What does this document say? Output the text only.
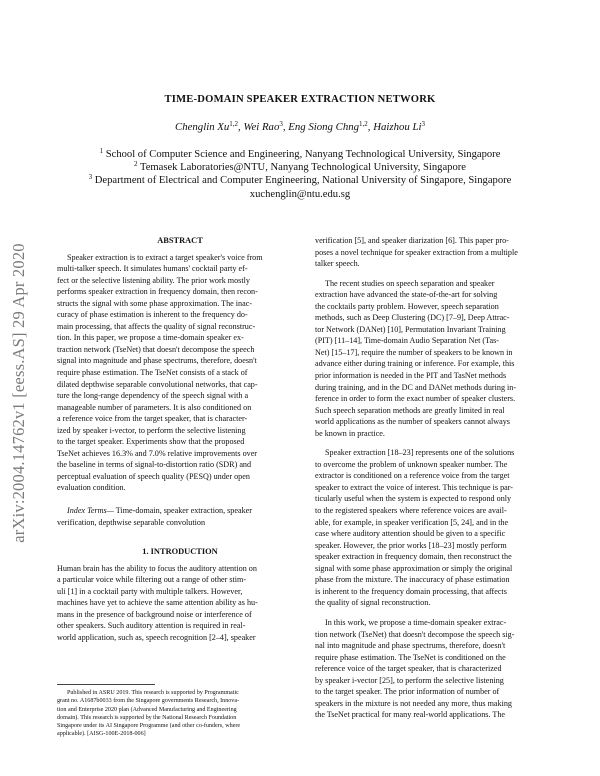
arXiv:2004.14762v1 [eess.AS] 29 Apr 2020
TIME-DOMAIN SPEAKER EXTRACTION NETWORK
Chenglin Xu$^{1,2}$, Wei Rao$^3$, Eng Siong Chng$^{1,2}$, Haizhou Li$^3$
$^1$ School of Computer Science and Engineering, Nanyang Technological University, Singapore
$^2$ Temasek Laboratories@NTU, Nanyang Technological University, Singapore
$^3$ Department of Electrical and Computer Engineering, National University of Singapore, Singapore
xuchenglin@ntu.edu.sg
ABSTRACT

Speaker extraction is to extract a target speaker's voice from

multi-talker speech. It simulates humans' cocktail party ef-

fect or the selective listening ability. The prior work mostly

performs speaker extraction in frequency domain, then recon-

structs the signal with some phase approximation. The inac-

curacy of phase estimation is inherent to the frequency do-

main processing, that affects the quality of signal reconstruc-

tion. In this paper, we propose a time-domain speaker ex-

traction network (TseNet) that doesn't decompose the speech

signal into magnitude and phase spectrums, therefore, doesn't

require phase estimation. The TseNet consists of a stack of

dilated depthwise separable convolutional networks, that cap-

ture the long-range dependency of the speech signal with a

manageable number of parameters. It is also conditioned on

a reference voice from the target speaker, that is character-

ized by speaker i-vector, to perform the selective listening

to the target speaker. Experiments show that the proposed

TseNet achieves 16.3% and 7.0% relative improvements over

the baseline in terms of signal-to-distortion ratio (SDR) and

perceptual evaluation of speech quality (PESQ) under open

evaluation condition.

Index Terms— Time-domain, speaker extraction, speaker

verification, depthwise separable convolution

1. INTRODUCTION

Human brain has the ability to focus the auditory attention on

a particular voice while filtering out a range of other stim-

uli [1] in a cocktail party with multiple talkers. However,

machines have yet to achieve the same attention ability as hu-

mans in the presence of background noise or interference of

other speakers. Such auditory attention is required in real-

world application, such as, speech recognition [2–4], speaker

Published in ASRU 2019. This research is supported by Programmatic

grant no. A1687b0033 from the Singapore governments Research, Innova-

tion and Enterprise 2020 plan (Advanced Manufacturing and Engineering

domain). This research is supported by the National Research Foundation

Singapore under its AI Singapore Programme (and other co-funders, where

applicable). [AISG-100E-2018-006]

verification [5], and speaker diarization [6]. This paper pro-

poses a novel technique for speaker extraction from a multiple

talker speech.

The recent studies on speech separation and speaker

extraction have advanced the state-of-the-art for solving

the cocktails party problem. However, speech separation

methods, such as Deep Clustering (DC) [7–9], Deep Attrac-

tor Network (DANet) [10], Permutation Invariant Training

(PIT) [11–14], Time-domain Audio Separation Net (Tas-

Net) [15–17], require the number of speakers to be known in

advance either during training or inference. For example, this

prior information is needed in the PIT and TasNet methods

during training, and in the DC and DANet methods during in-

ference in order to form the exact number of speaker clusters.

Such speech separation methods are greatly limited in real

world applications as the number of speakers cannot always

be known in practice.

Speaker extraction [18–23] represents one of the solutions

to overcome the problem of unknown speaker number. The

extractor is conditioned on a reference voice from the target

speaker to extract the voice of interest. This technique is par-

ticularly useful when the system is expected to respond only

to the registered speakers where reference voices are avail-

able, for example, in speaker verification [5, 24], and in the

case where auditory attention should be given to a specific

speaker. However, the prior works [18–23] mostly perform

speaker extraction in frequency domain, then reconstruct the

signal with some phase approximation or simply the original

phase from the mixture. The inaccuracy of phase estimation

is inherent to the frequency domain processing, that affects

the quality of signal reconstruction.

In this work, we propose a time-domain speaker extrac-

tion network (TseNet) that doesn't decompose the speech sig-

nal into magnitude and phase spectrums, therefore, doesn't

require phase estimation. The TseNet is conditioned on the

reference voice of the target speaker, that is characterized

by speaker i-vector [25], to perform the selective listening

to the target speaker. The prior information of number of

speakers in the mixture is not needed any more, thus making

the TseNet practical for many real-world applications. The
